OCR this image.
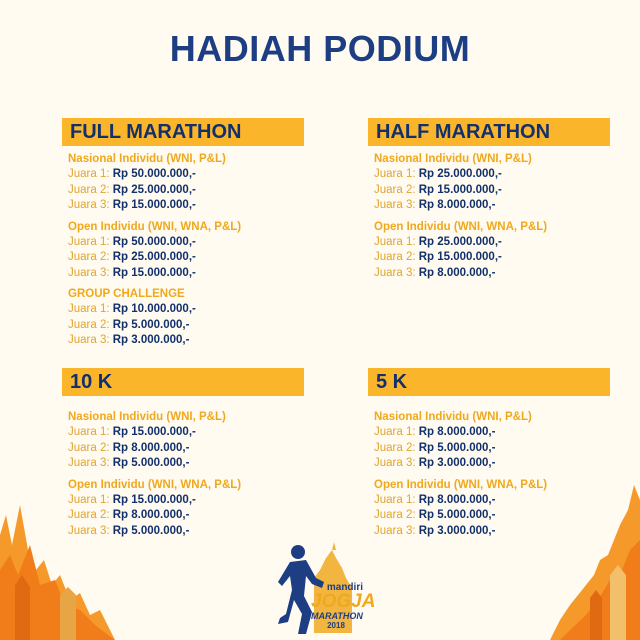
HADIAH PODIUM
FULL MARATHON
Nasional Individu (WNI, P&L)
Juara 1: Rp 50.000.000,-
Juara 2: Rp 25.000.000,-
Juara 3: Rp 15.000.000,-
Open Individu (WNI, WNA, P&L)
Juara 1: Rp 50.000.000,-
Juara 2: Rp 25.000.000,-
Juara 3: Rp 15.000.000,-
GROUP CHALLENGE
Juara 1: Rp 10.000.000,-
Juara 2: Rp 5.000.000,-
Juara 3: Rp 3.000.000,-
HALF MARATHON
Nasional Individu (WNI, P&L)
Juara 1: Rp 25.000.000,-
Juara 2: Rp 15.000.000,-
Juara 3: Rp 8.000.000,-
Open Individu (WNI, WNA, P&L)
Juara 1: Rp 25.000.000,-
Juara 2: Rp 15.000.000,-
Juara 3: Rp 8.000.000,-
10 K
Nasional Individu (WNI, P&L)
Juara 1: Rp 15.000.000,-
Juara 2: Rp 8.000.000,-
Juara 3: Rp 5.000.000,-
Open Individu (WNI, WNA, P&L)
Juara 1: Rp 15.000.000,-
Juara 2: Rp 8.000.000,-
Juara 3: Rp 5.000.000,-
5 K
Nasional Individu (WNI, P&L)
Juara 1: Rp 8.000.000,-
Juara 2: Rp 5.000.000,-
Juara 3: Rp 3.000.000,-
Open Individu (WNI, WNA, P&L)
Juara 1: Rp 8.000.000,-
Juara 2: Rp 5.000.000,-
Juara 3: Rp 3.000.000,-
mandiri
JOGJA
MARATHON
2018
